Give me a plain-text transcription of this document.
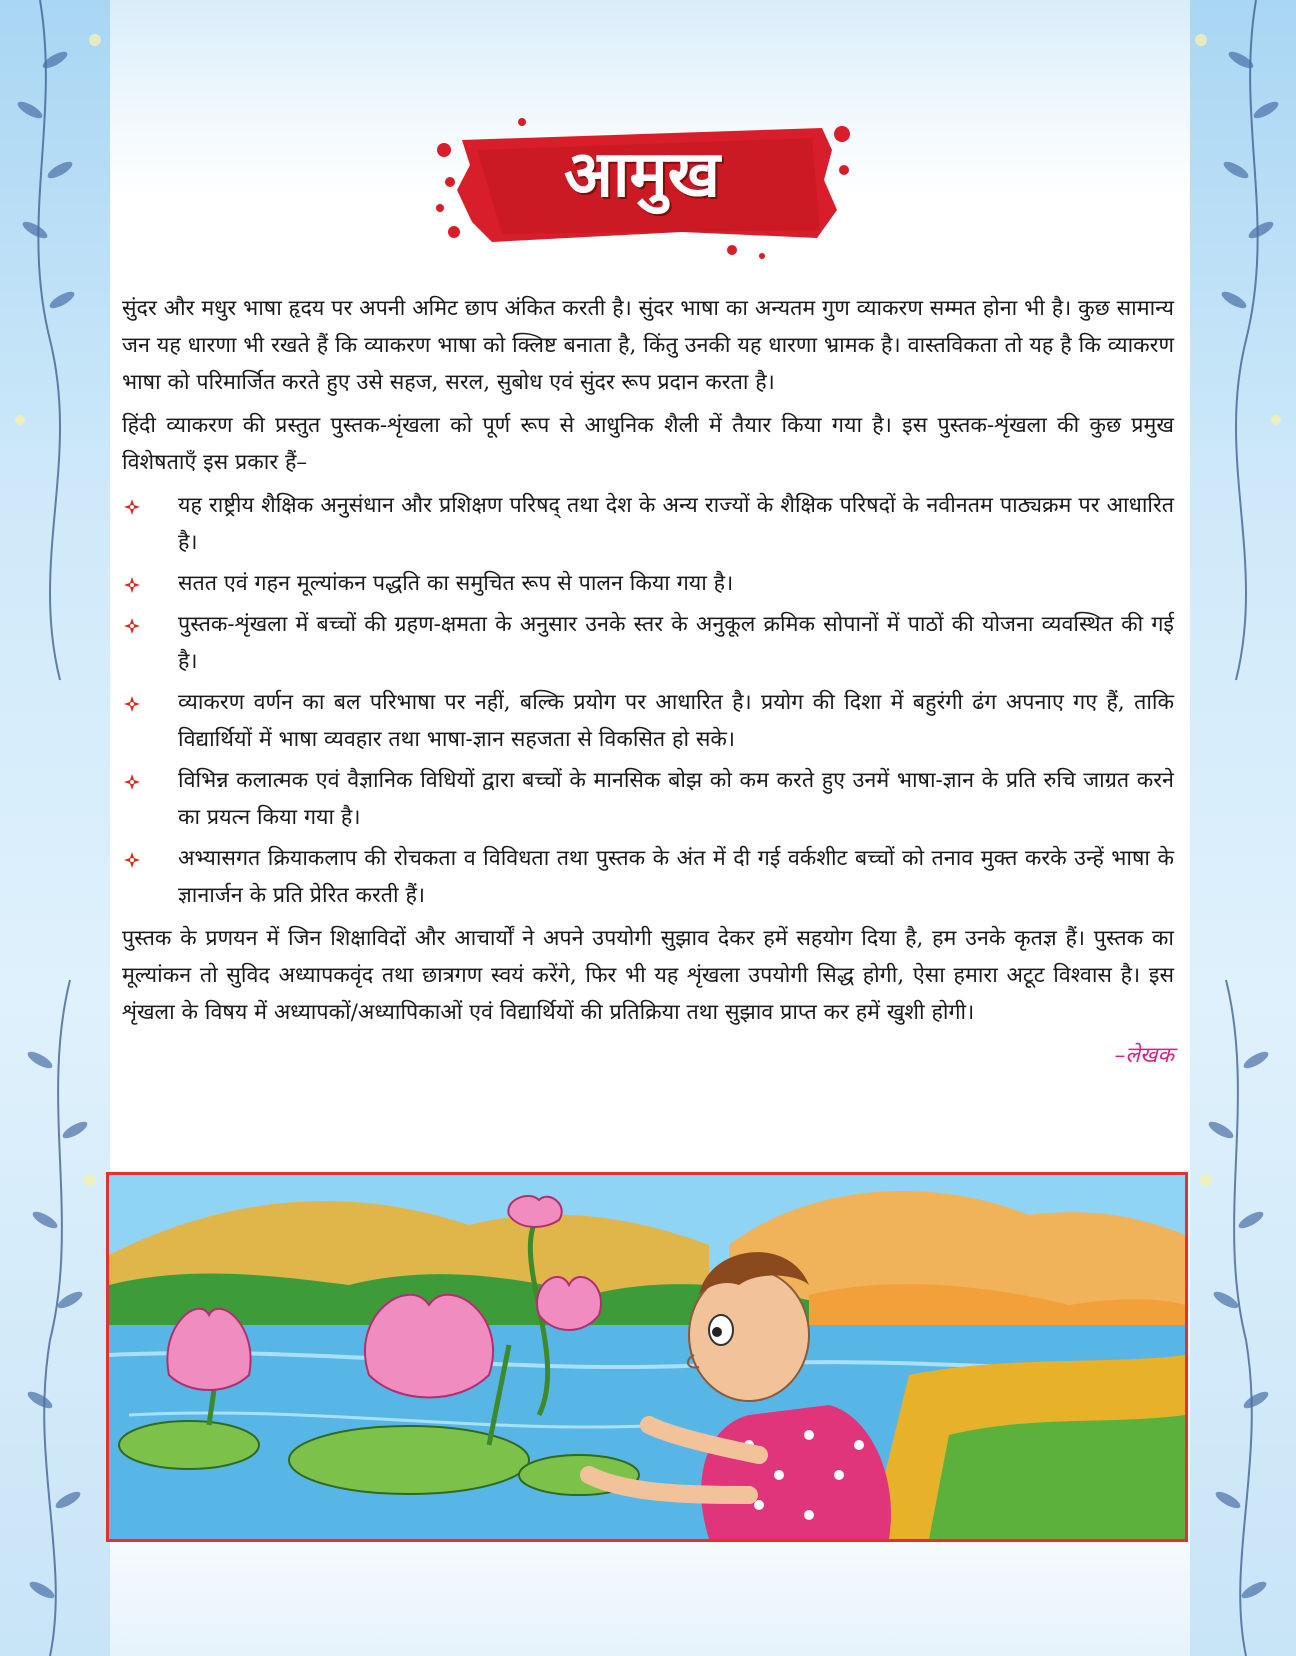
आमुख

सुंदर और मधुर भाषा हृदय पर अपनी अमिट छाप अंकित करती है। सुंदर भाषा का अन्यतम गुण व्याकरण सम्मत होना भी है। कुछ सामान्य जन यह धारणा भी रखते हैं कि व्याकरण भाषा को क्लिष्ट बनाता है, किंतु उनकी यह धारणा भ्रामक है। वास्तविकता तो यह है कि व्याकरण भाषा को परिमार्जित करते हुए उसे सहज, सरल, सुबोध एवं सुंदर रूप प्रदान करता है।

हिंदी व्याकरण की प्रस्तुत पुस्तक-शृंखला को पूर्ण रूप से आधुनिक शैली में तैयार किया गया है। इस पुस्तक-शृंखला की कुछ प्रमुख विशेषताएँ इस प्रकार हैं–

यह राष्ट्रीय शैक्षिक अनुसंधान और प्रशिक्षण परिषद् तथा देश के अन्य राज्यों के शैक्षिक परिषदों के नवीनतम पाठ्यक्रम पर आधारित है।
सतत एवं गहन मूल्यांकन पद्धति का समुचित रूप से पालन किया गया है।
पुस्तक-शृंखला में बच्चों की ग्रहण-क्षमता के अनुसार उनके स्तर के अनुकूल क्रमिक सोपानों में पाठों की योजना व्यवस्थित की गई है।
व्याकरण वर्णन का बल परिभाषा पर नहीं, बल्कि प्रयोग पर आधारित है। प्रयोग की दिशा में बहुरंगी ढंग अपनाए गए हैं, ताकि विद्यार्थियों में भाषा व्यवहार तथा भाषा-ज्ञान सहजता से विकसित हो सके।
विभिन्न कलात्मक एवं वैज्ञानिक विधियों द्वारा बच्चों के मानसिक बोझ को कम करते हुए उनमें भाषा-ज्ञान के प्रति रुचि जाग्रत करने का प्रयत्न किया गया है।
अभ्यासगत क्रियाकलाप की रोचकता व विविधता तथा पुस्तक के अंत में दी गई वर्कशीट बच्चों को तनाव मुक्त करके उन्हें भाषा के ज्ञानार्जन के प्रति प्रेरित करती हैं।

पुस्तक के प्रणयन में जिन शिक्षाविदों और आचार्यों ने अपने उपयोगी सुझाव देकर हमें सहयोग दिया है, हम उनके कृतज्ञ हैं। पुस्तक का मूल्यांकन तो सुविद अध्यापकवृंद तथा छात्रगण स्वयं करेंगे, फिर भी यह शृंखला उपयोगी सिद्ध होगी, ऐसा हमारा अटूट विश्वास है। इस शृंखला के विषय में अध्यापकों/अध्यापिकाओं एवं विद्यार्थियों की प्रतिक्रिया तथा सुझाव प्राप्त कर हमें खुशी होगी।

–लेखक
